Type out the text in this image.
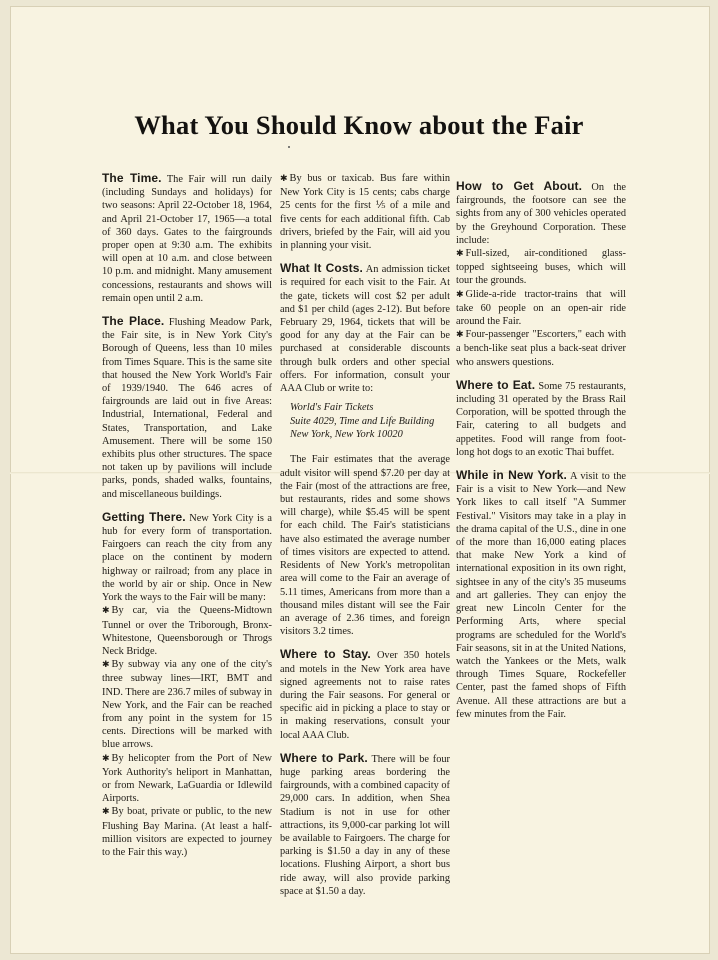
What You Should Know about the Fair

The Time. The Fair will run daily (including Sundays and holidays) for two seasons: April 22-October 18, 1964, and April 21-October 17, 1965—a total of 360 days. Gates to the fairgrounds proper open at 9:30 a.m. The exhibits will open at 10 a.m. and close between 10 p.m. and midnight. Many amusement concessions, restaurants and shows will remain open until 2 a.m.

The Place. Flushing Meadow Park, the Fair site, is in New York City's Borough of Queens, less than 10 miles from Times Square. This is the same site that housed the New York World's Fair of 1939/1940. The 646 acres of fairgrounds are laid out in five Areas: Industrial, International, Federal and States, Transportation, and Lake Amusement. There will be some 150 exhibits plus other structures. The space not taken up by pavilions will include parks, ponds, shaded walks, fountains, and miscellaneous buildings.

Getting There. New York City is a hub for every form of transportation. Fairgoers can reach the city from any place on the continent by modern highway or railroad; from any place in the world by air or ship. Once in New York the ways to the Fair will be many:

✱ By car, via the Queens-Midtown Tunnel or over the Triborough, Bronx-Whitestone, Queensborough or Throgs Neck Bridge.

✱ By subway via any one of the city's three subway lines—IRT, BMT and IND. There are 236.7 miles of subway in New York, and the Fair can be reached from any point in the system for 15 cents. Directions will be marked with blue arrows.

✱ By helicopter from the Port of New York Authority's heliport in Manhattan, or from Newark, LaGuardia or Idlewild Airports.

✱ By boat, private or public, to the new Flushing Bay Marina. (At least a half-million visitors are expected to journey to the Fair this way.)

✱ By bus or taxicab. Bus fare within New York City is 15 cents; cabs charge 25 cents for the first ⅕ of a mile and five cents for each additional fifth. Cab drivers, briefed by the Fair, will aid you in planning your visit.

What It Costs. An admission ticket is required for each visit to the Fair. At the gate, tickets will cost $2 per adult and $1 per child (ages 2-12). But before February 29, 1964, tickets that will be good for any day at the Fair can be purchased at considerable discounts through bulk orders and other special offers. For information, consult your AAA Club or write to:

World's Fair Tickets
Suite 4029, Time and Life Building
New York, New York 10020

The Fair estimates that the average adult visitor will spend $7.20 per day at the Fair (most of the attractions are free, but restaurants, rides and some shows will charge), while $5.45 will be spent for each child. The Fair's statisticians have also estimated the average number of times visitors are expected to attend. Residents of New York's metropolitan area will come to the Fair an average of 5.11 times, Americans from more than a thousand miles distant will see the Fair an average of 2.36 times, and foreign visitors 3.2 times.

Where to Stay. Over 350 hotels and motels in the New York area have signed agreements not to raise rates during the Fair seasons. For general or specific aid in picking a place to stay or in making reservations, consult your local AAA Club.

Where to Park. There will be four huge parking areas bordering the fairgrounds, with a combined capacity of 29,000 cars. In addition, when Shea Stadium is not in use for other attractions, its 9,000-car parking lot will be available to Fairgoers. The charge for parking is $1.50 a day in any of these locations. Flushing Airport, a short bus ride away, will also provide parking space at $1.50 a day.

How to Get About. On the fairgrounds, the footsore can see the sights from any of 300 vehicles operated by the Greyhound Corporation. These include:

✱ Full-sized, air-conditioned glass-topped sightseeing buses, which will tour the grounds.

✱ Glide-a-ride tractor-trains that will take 60 people on an open-air ride around the Fair.

✱ Four-passenger "Escorters," each with a bench-like seat plus a back-seat driver who answers questions.

Where to Eat. Some 75 restaurants, including 31 operated by the Brass Rail Corporation, will be spotted through the Fair, catering to all budgets and appetites. Food will range from foot-long hot dogs to an exotic Thai buffet.

While in New York. A visit to the Fair is a visit to New York—and New York likes to call itself "A Summer Festival." Visitors may take in a play in the drama capital of the U.S., dine in one of the more than 16,000 eating places that make New York a kind of international exposition in its own right, sightsee in any of the city's 35 museums and art galleries. They can enjoy the great new Lincoln Center for the Performing Arts, where special programs are scheduled for the World's Fair seasons, sit in at the United Nations, watch the Yankees or the Mets, walk through Times Square, Rockefeller Center, past the famed shops of Fifth Avenue. All these attractions are but a few minutes from the Fair.
